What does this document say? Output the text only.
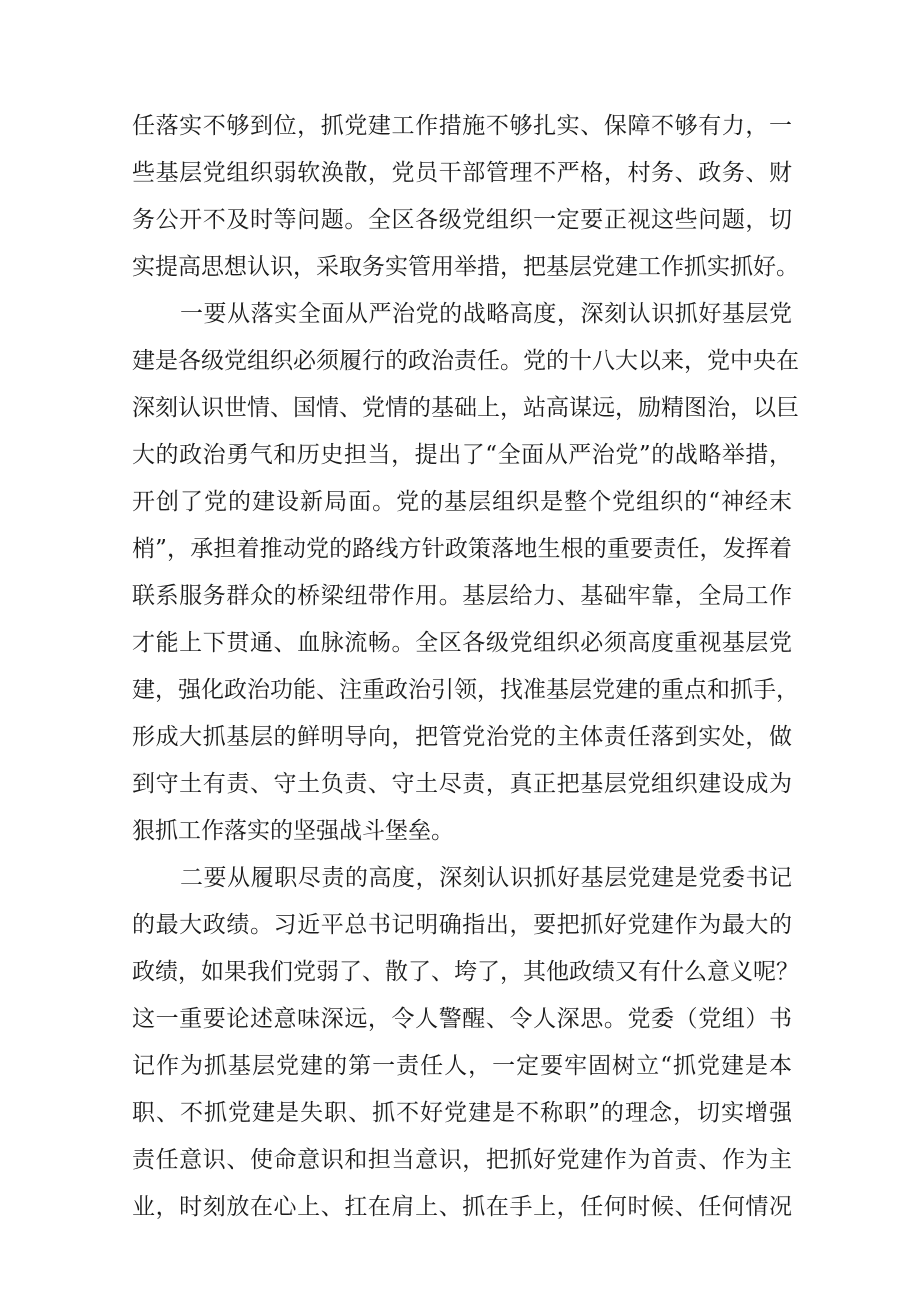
任落实不够到位，抓党建工作措施不够扎实、保障不够有力，一
些基层党组织弱软涣散，党员干部管理不严格，村务、政务、财
务公开不及时等问题。全区各级党组织一定要正视这些问题，切
实提高思想认识，采取务实管用举措，把基层党建工作抓实抓好。
一要从落实全面从严治党的战略高度，深刻认识抓好基层党
建是各级党组织必须履行的政治责任。党的十八大以来，党中央在
深刻认识世情、国情、党情的基础上，站高谋远，励精图治，以巨
大的政治勇气和历史担当，提出了“全面从严治党”的战略举措，
开创了党的建设新局面。党的基层组织是整个党组织的“神经末
梢”，承担着推动党的路线方针政策落地生根的重要责任，发挥着
联系服务群众的桥梁纽带作用。基层给力、基础牢靠，全局工作
才能上下贯通、血脉流畅。全区各级党组织必须高度重视基层党
建，强化政治功能、注重政治引领，找准基层党建的重点和抓手，
形成大抓基层的鲜明导向，把管党治党的主体责任落到实处，做
到守土有责、守土负责、守土尽责，真正把基层党组织建设成为
狠抓工作落实的坚强战斗堡垒。
二要从履职尽责的高度，深刻认识抓好基层党建是党委书记
的最大政绩。习近平总书记明确指出，要把抓好党建作为最大的
政绩，如果我们党弱了、散了、垮了，其他政绩又有什么意义呢？
这一重要论述意味深远，令人警醒、令人深思。党委（党组）书
记作为抓基层党建的第一责任人，一定要牢固树立“抓党建是本
职、不抓党建是失职、抓不好党建是不称职”的理念，切实增强
责任意识、使命意识和担当意识，把抓好党建作为首责、作为主
业，时刻放在心上、扛在肩上、抓在手上，任何时候、任何情况
